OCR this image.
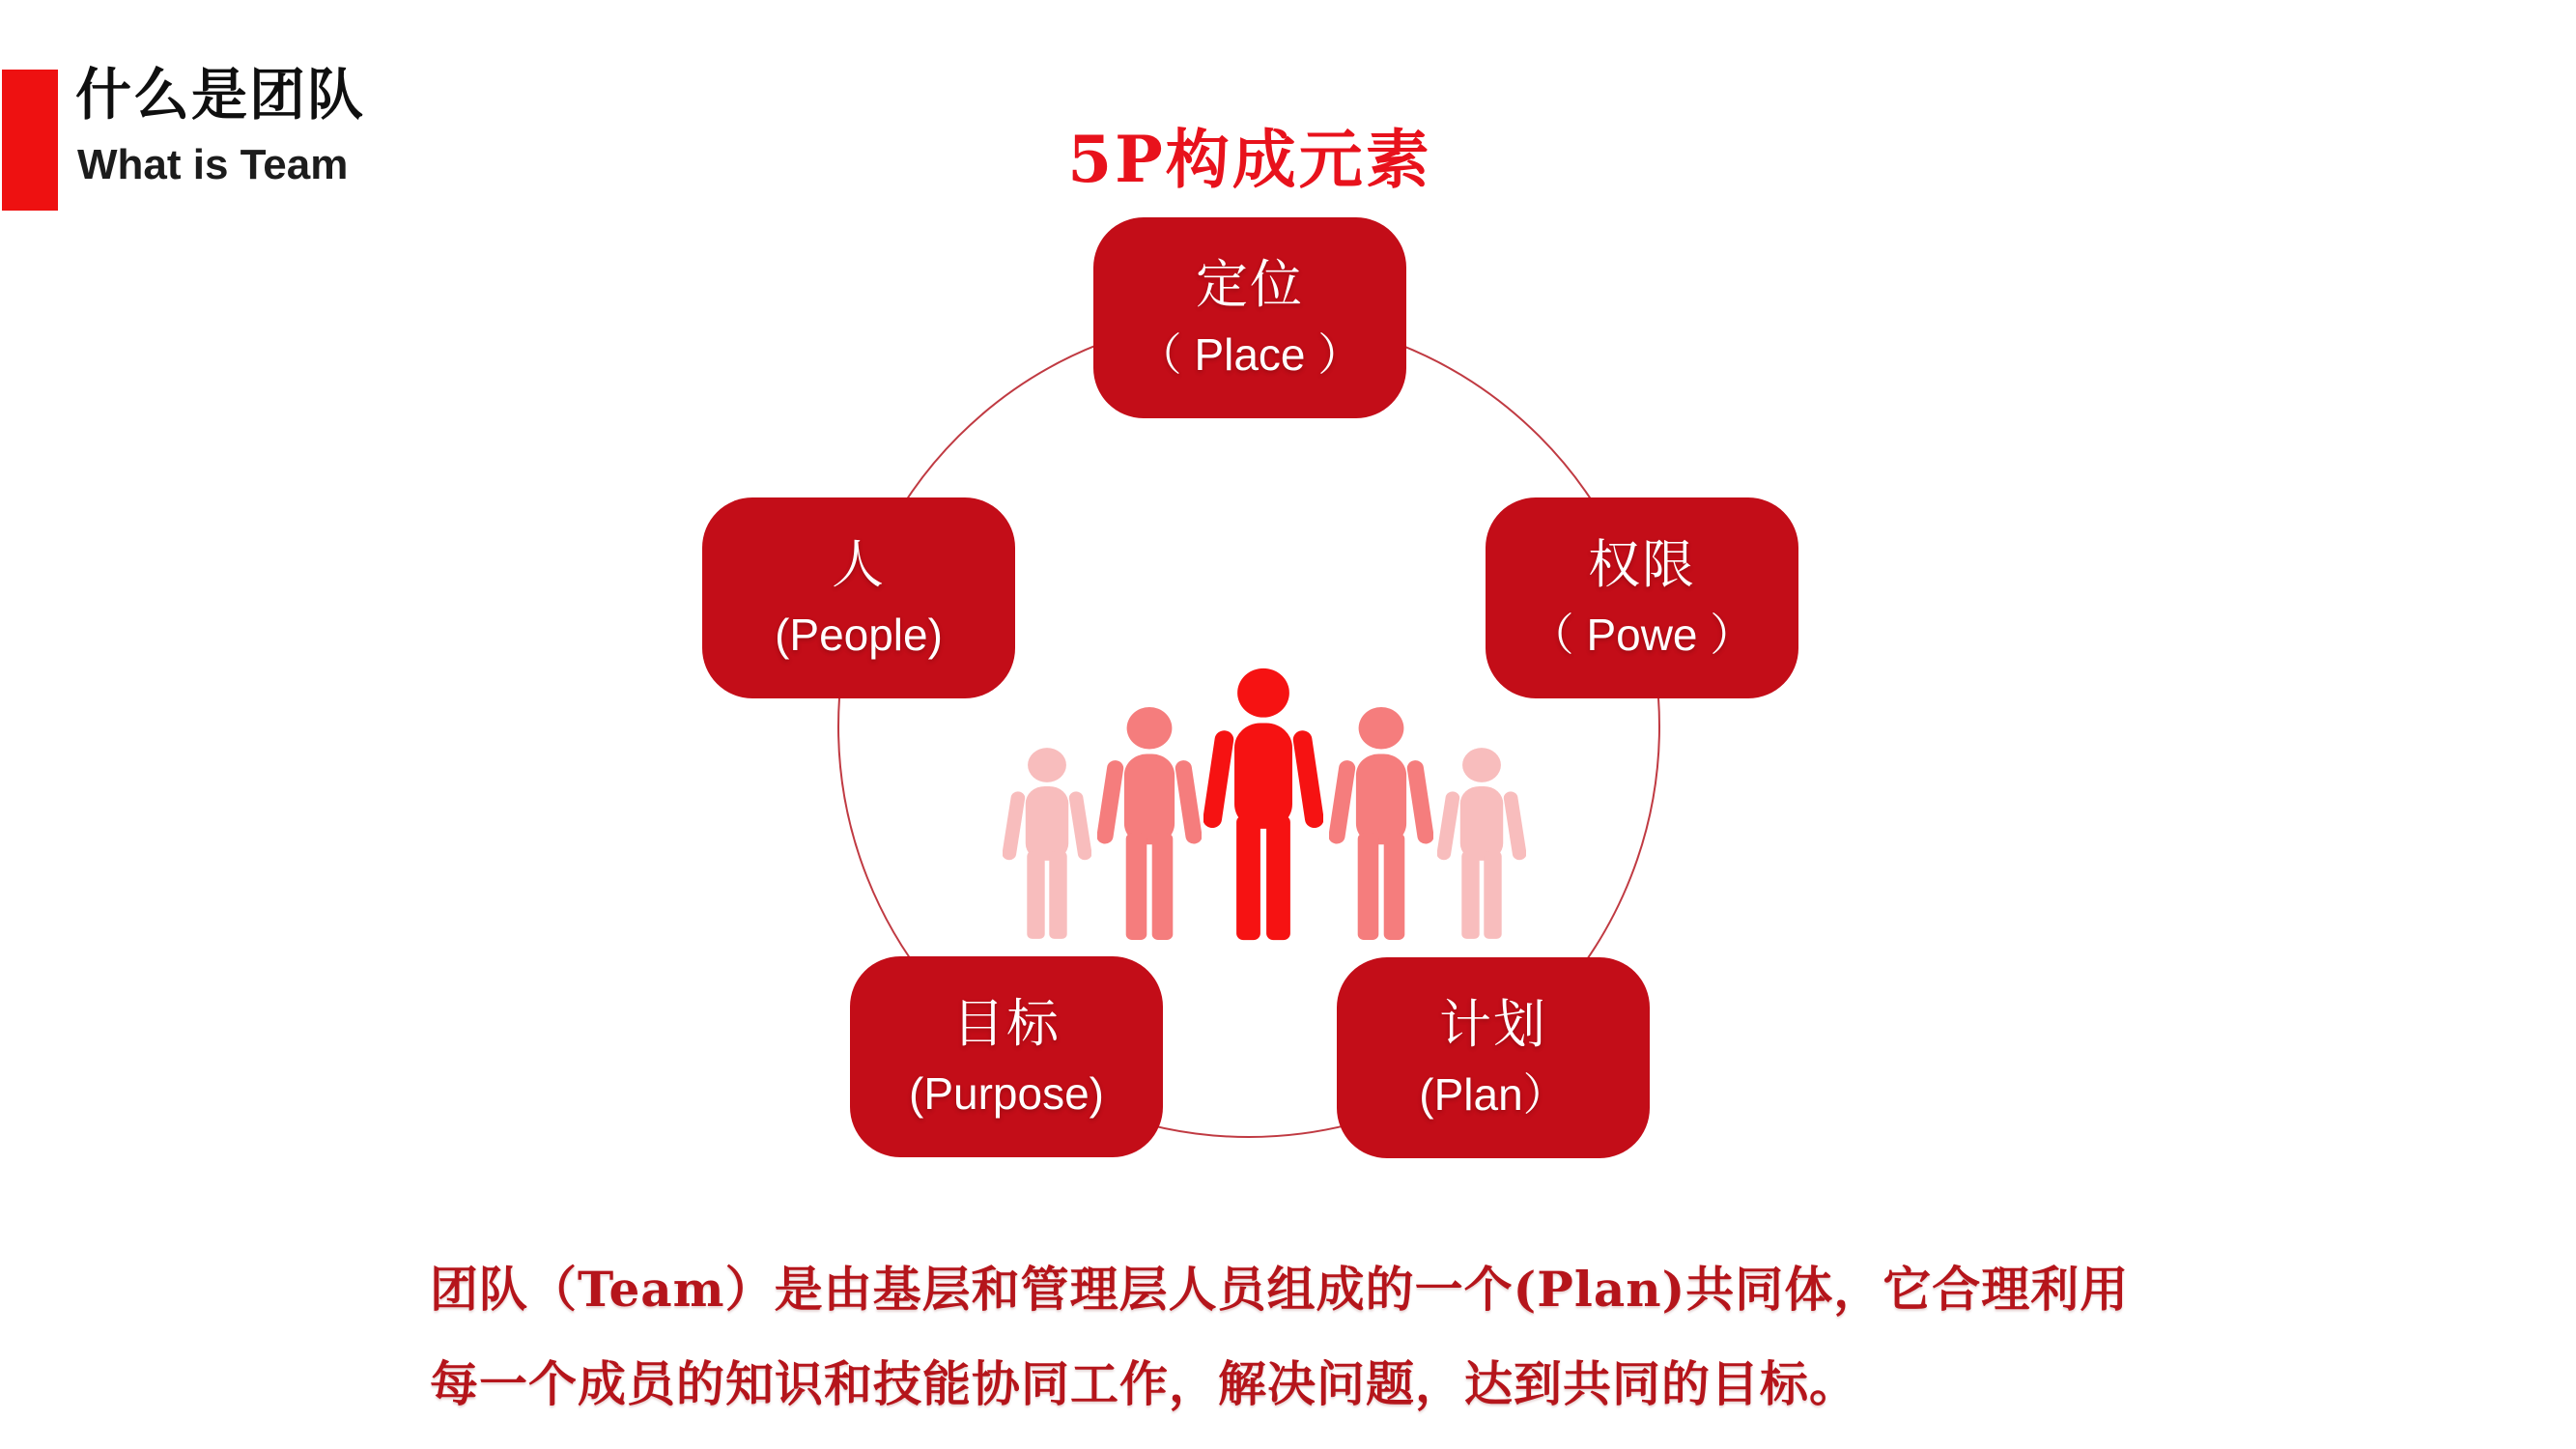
什么是团队
What is Team	5P构成元素
定位
（ Place ）
人
(People)
权限
（ Powe ）
目标
(Purpose)
计划
(Plan）
团队（Team）是由基层和管理层人员组成的一个(Plan)共同体，它合理利用
每一个成员的知识和技能协同工作，解决问题，达到共同的目标。
